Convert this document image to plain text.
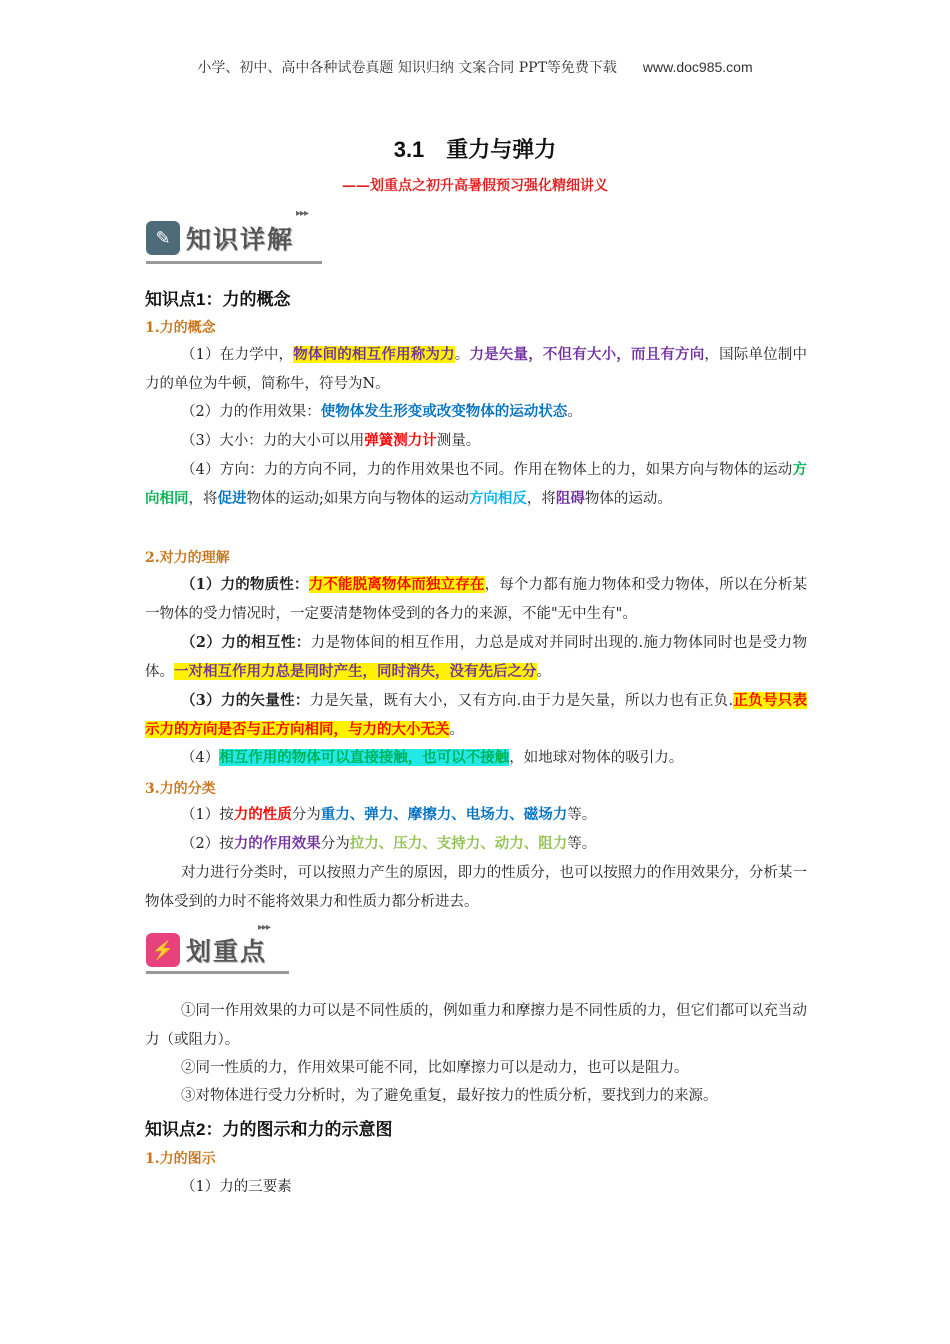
小学、初中、高中各种试卷真题 知识归纳 文案合同 PPT等免费下载 www.doc985.com
3.1　重力与弹力
——划重点之初升高暑假预习强化精细讲义
✎ 知识详解
▸▸▸
知识点1：力的概念
1.力的概念
（1）在力学中，物体间的相互作用称为力。力是矢量，不但有大小，而且有方向，国际单位制中力的单位为牛顿，简称牛，符号为N。
（2）力的作用效果：使物体发生形变或改变物体的运动状态。
（3）大小：力的大小可以用弹簧测力计测量。
（4）方向：力的方向不同，力的作用效果也不同。作用在物体上的力，如果方向与物体的运动方向相同，将促进物体的运动;如果方向与物体的运动方向相反，将阻碍物体的运动。
2.对力的理解
（1）力的物质性：力不能脱离物体而独立存在，每个力都有施力物体和受力物体，所以在分析某一物体的受力情况时，一定要清楚物体受到的各力的来源，不能"无中生有"。
（2）力的相互性：力是物体间的相互作用，力总是成对并同时出现的.施力物体同时也是受力物体。一对相互作用力总是同时产生，同时消失，没有先后之分。
（3）力的矢量性：力是矢量，既有大小，又有方向.由于力是矢量，所以力也有正负.正负号只表示力的方向是否与正方向相同，与力的大小无关。
（4）相互作用的物体可以直接接触，也可以不接触，如地球对物体的吸引力。
3.力的分类
（1）按力的性质分为重力、弹力、摩擦力、电场力、磁场力等。
（2）按力的作用效果分为拉力、压力、支持力、动力、阻力等。
对力进行分类时，可以按照力产生的原因，即力的性质分，也可以按照力的作用效果分，分析某一物体受到的力时不能将效果力和性质力都分析进去。
⚡ 划重点
▸▸▸
①同一作用效果的力可以是不同性质的，例如重力和摩擦力是不同性质的力，但它们都可以充当动力（或阻力）。
②同一性质的力，作用效果可能不同，比如摩擦力可以是动力，也可以是阻力。
③对物体进行受力分析时，为了避免重复，最好按力的性质分析，要找到力的来源。
知识点2：力的图示和力的示意图
1.力的图示
（1）力的三要素
